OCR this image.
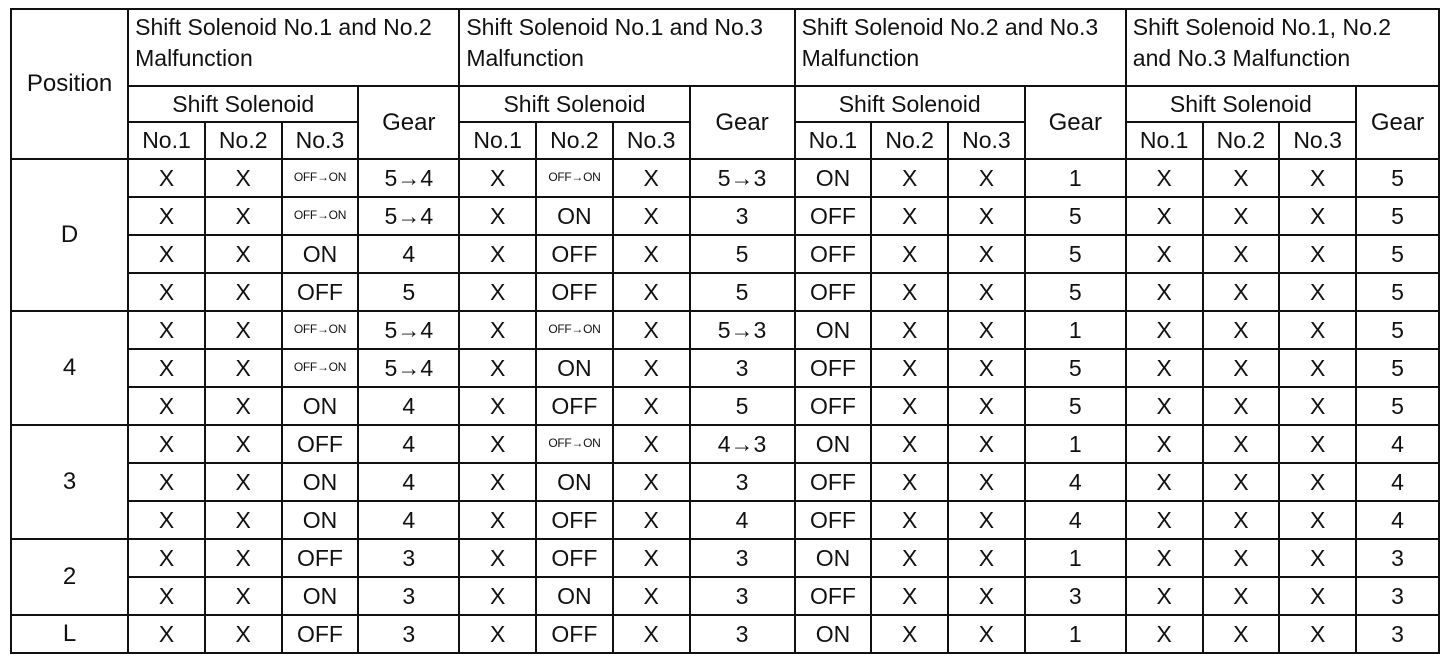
Position	Shift Solenoid No.1 and No.2 Malfunction				Shift Solenoid No.1 and No.3 Malfunction				Shift Solenoid No.2 and No.3 Malfunction				Shift Solenoid No.1, No.2 and No.3 Malfunction			
	Shift Solenoid			Gear	Shift Solenoid			Gear	Shift Solenoid			Gear	Shift Solenoid			Gear
	No.1	No.2	No.3		No.1	No.2	No.3		No.1	No.2	No.3		No.1	No.2	No.3	
D	X	X	OFF→ON	5→4	X	OFF→ON	X	5→3	ON	X	X	1	X	X	X	5
	X	X	OFF→ON	5→4	X	ON	X	3	OFF	X	X	5	X	X	X	5
	X	X	ON	4	X	OFF	X	5	OFF	X	X	5	X	X	X	5
	X	X	OFF	5	X	OFF	X	5	OFF	X	X	5	X	X	X	5
4	X	X	OFF→ON	5→4	X	OFF→ON	X	5→3	ON	X	X	1	X	X	X	5
	X	X	OFF→ON	5→4	X	ON	X	3	OFF	X	X	5	X	X	X	5
	X	X	ON	4	X	OFF	X	5	OFF	X	X	5	X	X	X	5
3	X	X	OFF	4	X	OFF→ON	X	4→3	ON	X	X	1	X	X	X	4
	X	X	ON	4	X	ON	X	3	OFF	X	X	4	X	X	X	4
	X	X	ON	4	X	OFF	X	4	OFF	X	X	4	X	X	X	4
2	X	X	OFF	3	X	OFF	X	3	ON	X	X	1	X	X	X	3
	X	X	ON	3	X	ON	X	3	OFF	X	X	3	X	X	X	3
L	X	X	OFF	3	X	OFF	X	3	ON	X	X	1	X	X	X	3
